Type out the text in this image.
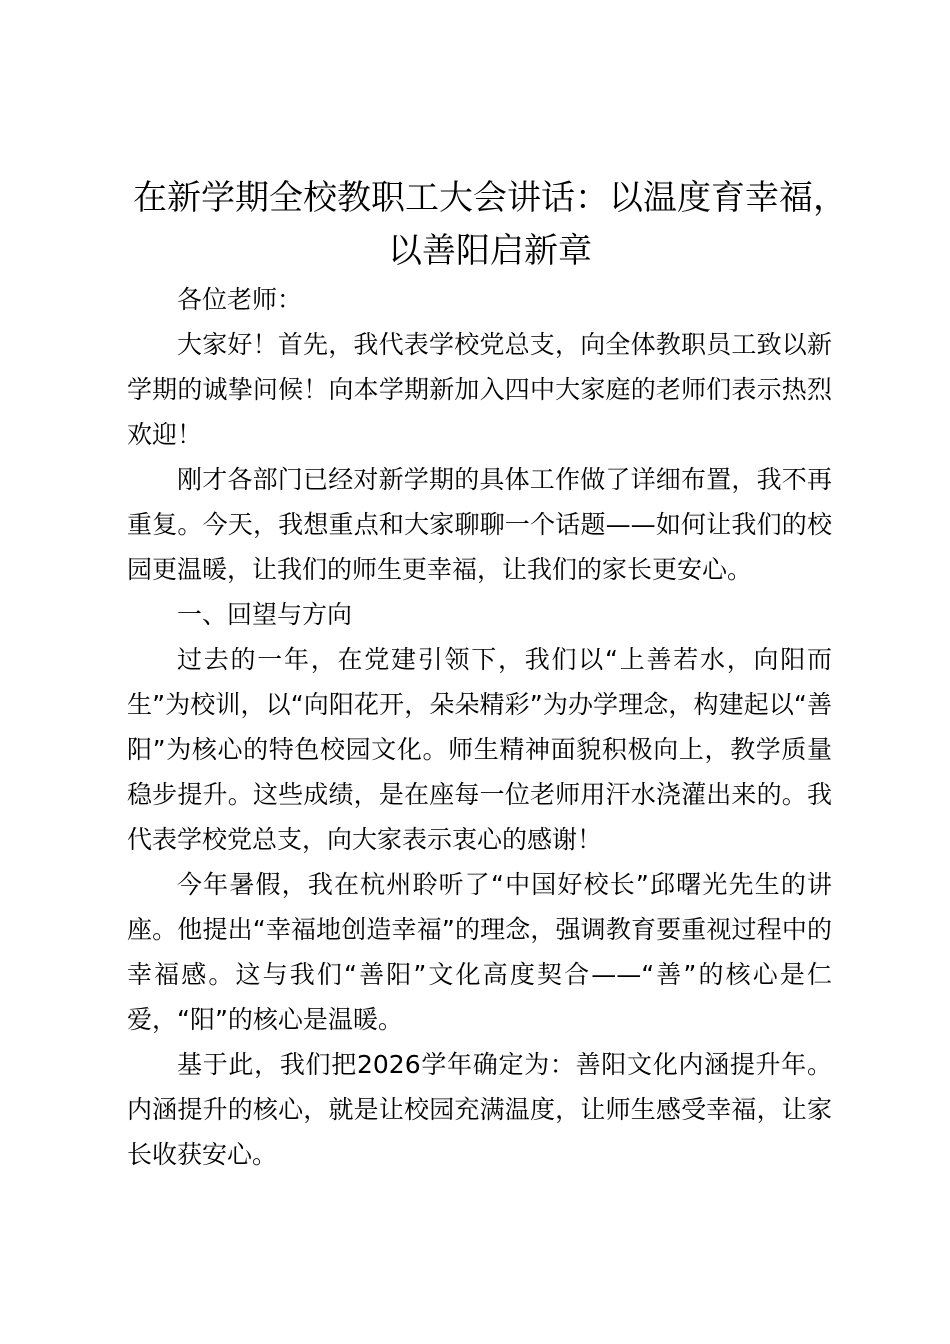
在新学期全校教职工大会讲话：以温度育幸福，以善阳启新章

各位老师：

大家好！首先，我代表学校党总支，向全体教职员工致以新学期的诚挚问候！向本学期新加入四中大家庭的老师们表示热烈欢迎！

刚才各部门已经对新学期的具体工作做了详细布置，我不再重复。今天，我想重点和大家聊聊一个话题——如何让我们的校园更温暖，让我们的师生更幸福，让我们的家长更安心。

一、回望与方向

过去的一年，在党建引领下，我们以“上善若水，向阳而生”为校训，以“向阳花开，朵朵精彩”为办学理念，构建起以“善阳”为核心的特色校园文化。师生精神面貌积极向上，教学质量稳步提升。这些成绩，是在座每一位老师用汗水浇灌出来的。我代表学校党总支，向大家表示衷心的感谢！

今年暑假，我在杭州聆听了“中国好校长”邱曙光先生的讲座。他提出“幸福地创造幸福”的理念，强调教育要重视过程中的幸福感。这与我们“善阳”文化高度契合——“善”的核心是仁爱，“阳”的核心是温暖。

基于此，我们把2026学年确定为：善阳文化内涵提升年。内涵提升的核心，就是让校园充满温度，让师生感受幸福，让家长收获安心。
